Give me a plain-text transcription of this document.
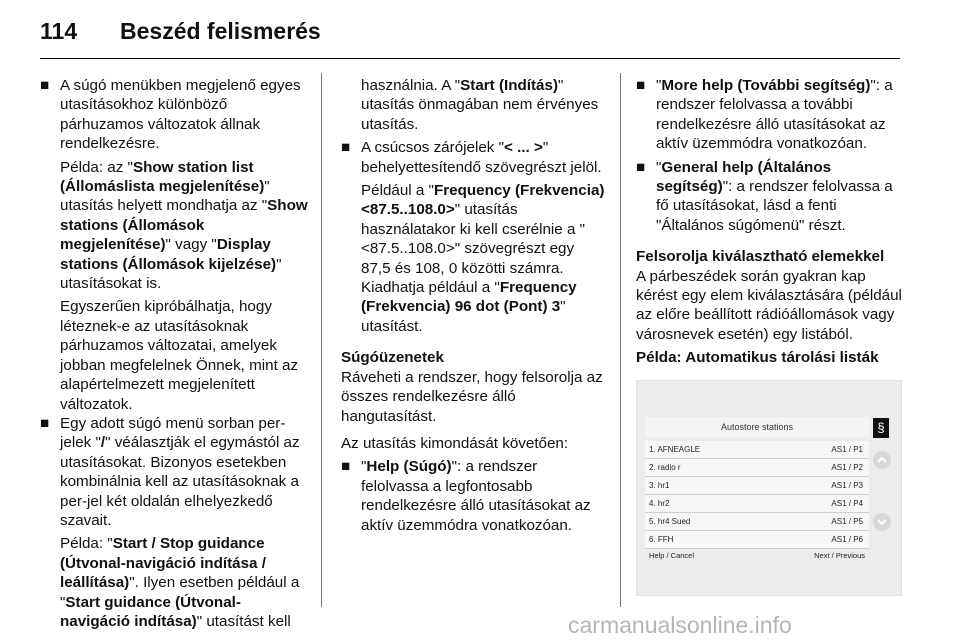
114 Beszéd felismerés
■ A súgó menükben megjelenő egyes utasításokhoz különböző párhuzamos változatok állnak rendelkezésre.

Példa: az "Show station list (Állomáslista megjelenítése)" utasítás helyett mondhatja az "Show stations (Állomások megjelenítése)" vagy "Display stations (Állomások kijelzése)" utasításokat is.

Egyszerűen kipróbálhatja, hogy léteznek-e az utasításoknak párhuzamos változatai, amelyek jobban megfelelnek Önnek, mint az alapértelmezett megjelenített változatok.

■ Egy adott súgó menü sorban per-jelek "/" véálasztják el egymástól az utasításokat. Bizonyos esetekben kombinálnia kell az utasításoknak a per-jel két oldalán elhelyezkedő szavait.

Példa: "Start / Stop guidance (Útvonal-navigáció indítása / leállítása)". Ilyen esetben például a "Start guidance (Útvonal-navigáció indítása)" utasítást kell

használnia. A "Start (Indítás)" utasítás önmagában nem érvényes utasítás.

■ A csúcsos zárójelek "< ... >" behelyettesítendő szövegrészt jelöl.

Például a "Frequency (Frekvencia) <87.5..108.0>" utasítás használatakor ki kell cserélnie a "<87.5..108.0>" szövegrészt egy 87,5 és 108, 0 közötti számra. Kiadhatja például a "Frequency (Frekvencia) 96 dot (Pont) 3" utasítást.

Súgóüzenetek

Ráveheti a rendszer, hogy felsorolja az összes rendelkezésre álló hangutasítást.

Az utasítás kimondását követően:

■ "Help (Súgó)": a rendszer felolvassa a legfontosabb rendelkezésre álló utasításokat az aktív üzemmódra vonatkozóan.

■ "More help (További segítség)": a rendszer felolvassa a további rendelkezésre álló utasításokat az aktív üzemmódra vonatkozóan.

■ "General help (Általános segítség)": a rendszer felolvassa a fő utasításokat, lásd a fenti "Általános súgómenü" részt.

Felsorolja kiválasztható elemekkel

A párbeszédek során gyakran kap kérést egy elem kiválasztására (például az előre beállított rádióállomások vagy városnevek esetén) egy listából.

Példa: Automatikus tárolási listák

Autostore stations	§
1. AFNEAGLE	AS1 / P1
2. radio r	AS1 / P2
3. hr1	AS1 / P3
4. hr2	AS1 / P4
5. hr4 Sued	AS1 / P5
6. FFH	AS1 / P6
Help / Cancel	Next / Previous
carmanualsonline.info
